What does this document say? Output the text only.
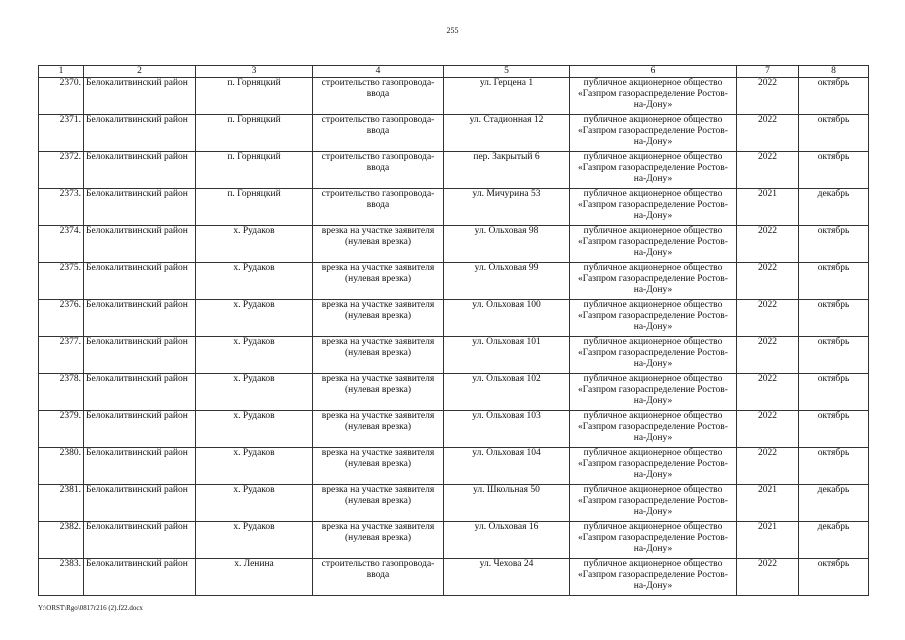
255
1	2	3	4	5	6	7	8
2370.	Белокалитвинский район	п. Горняцкий	строительство газопровода-ввода	ул. Герцена 1	публичное акционерное общество «Газпром газораспределение Ростов-на-Дону»	2022	октябрь
2371.	Белокалитвинский район	п. Горняцкий	строительство газопровода-ввода	ул. Стадионная 12	публичное акционерное общество «Газпром газораспределение Ростов-на-Дону»	2022	октябрь
2372.	Белокалитвинский район	п. Горняцкий	строительство газопровода-ввода	пер. Закрытый 6	публичное акционерное общество «Газпром газораспределение Ростов-на-Дону»	2022	октябрь
2373.	Белокалитвинский район	п. Горняцкий	строительство газопровода-ввода	ул. Мичурина 53	публичное акционерное общество «Газпром газораспределение Ростов-на-Дону»	2021	декабрь
2374.	Белокалитвинский район	х. Рудаков	врезка на участке заявителя (нулевая врезка)	ул. Ольховая 98	публичное акционерное общество «Газпром газораспределение Ростов-на-Дону»	2022	октябрь
2375.	Белокалитвинский район	х. Рудаков	врезка на участке заявителя (нулевая врезка)	ул. Ольховая 99	публичное акционерное общество «Газпром газораспределение Ростов-на-Дону»	2022	октябрь
2376.	Белокалитвинский район	х. Рудаков	врезка на участке заявителя (нулевая врезка)	ул. Ольховая 100	публичное акционерное общество «Газпром газораспределение Ростов-на-Дону»	2022	октябрь
2377.	Белокалитвинский район	х. Рудаков	врезка на участке заявителя (нулевая врезка)	ул. Ольховая 101	публичное акционерное общество «Газпром газораспределение Ростов-на-Дону»	2022	октябрь
2378.	Белокалитвинский район	х. Рудаков	врезка на участке заявителя (нулевая врезка)	ул. Ольховая 102	публичное акционерное общество «Газпром газораспределение Ростов-на-Дону»	2022	октябрь
2379.	Белокалитвинский район	х. Рудаков	врезка на участке заявителя (нулевая врезка)	ул. Ольховая 103	публичное акционерное общество «Газпром газораспределение Ростов-на-Дону»	2022	октябрь
2380.	Белокалитвинский район	х. Рудаков	врезка на участке заявителя (нулевая врезка)	ул. Ольховая 104	публичное акционерное общество «Газпром газораспределение Ростов-на-Дону»	2022	октябрь
2381.	Белокалитвинский район	х. Рудаков	врезка на участке заявителя (нулевая врезка)	ул. Школьная 50	публичное акционерное общество «Газпром газораспределение Ростов-на-Дону»	2021	декабрь
2382.	Белокалитвинский район	х. Рудаков	врезка на участке заявителя (нулевая врезка)	ул. Ольховая 16	публичное акционерное общество «Газпром газораспределение Ростов-на-Дону»	2021	декабрь
2383.	Белокалитвинский район	х. Ленина	строительство газопровода-ввода	ул. Чехова 24	публичное акционерное общество «Газпром газораспределение Ростов-на-Дону»	2022	октябрь
Y:\ORST\Rgo\0817r216 (2).f22.docx
